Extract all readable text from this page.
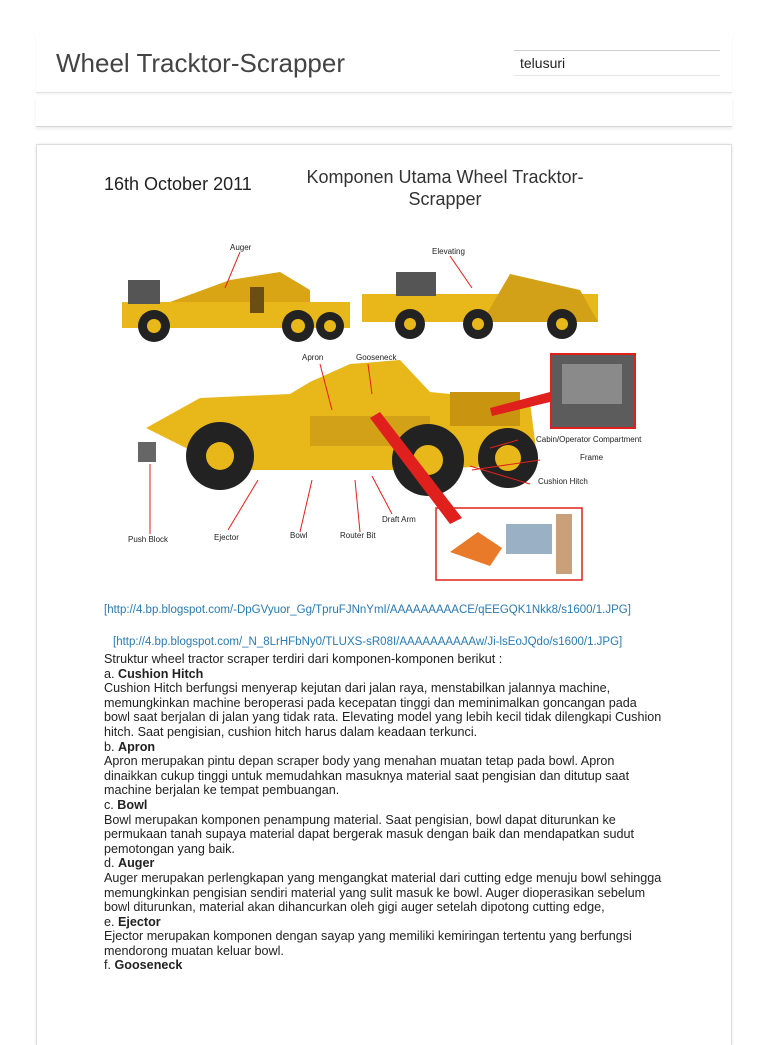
Wheel Tracktor-Scrapper
telusuri
16th October 2011	Komponen Utama Wheel Tracktor-Scrapper
Auger	Elevating
Apron	Gooseneck
Cabin/Operator Compartment
Frame
Cushion Hitch
Draft Arm
Push Block	Ejector	Bowl	Router Bit
[http://4.bp.blogspot.com/-DpGVyuor_Gg/TpruFJNnYmI/AAAAAAAAACE/qEEGQK1Nkk8/s1600/1.JPG]
[http://4.bp.blogspot.com/_N_8LrHFbNy0/TLUXS-sR08I/AAAAAAAAAAw/Ji-lsEoJQdo/s1600/1.JPG]

Struktur wheel tractor scraper terdiri dari komponen-komponen berikut :

a. Cushion Hitch

Cushion Hitch berfungsi menyerap kejutan dari jalan raya, menstabilkan jalannya machine, memungkinkan machine beroperasi pada kecepatan tinggi dan meminimalkan goncangan pada bowl saat berjalan di jalan yang tidak rata. Elevating model yang lebih kecil tidak dilengkapi Cushion hitch. Saat pengisian, cushion hitch harus dalam keadaan terkunci.

b. Apron

Apron merupakan pintu depan scraper body yang menahan muatan tetap pada bowl. Apron dinaikkan cukup tinggi untuk memudahkan masuknya material saat pengisian dan ditutup saat machine berjalan ke tempat pembuangan.

c. Bowl

Bowl merupakan komponen penampung material. Saat pengisian, bowl dapat diturunkan ke permukaan tanah supaya material dapat bergerak masuk dengan baik dan mendapatkan sudut pemotongan yang baik.

d. Auger

Auger merupakan perlengkapan yang mengangkat material dari cutting edge menuju bowl sehingga memungkinkan pengisian sendiri material yang sulit masuk ke bowl. Auger dioperasikan sebelum bowl diturunkan, material akan dihancurkan oleh gigi auger setelah dipotong cutting edge,

e. Ejector

Ejector merupakan komponen dengan sayap yang memiliki kemiringan tertentu yang berfungsi mendorong muatan keluar bowl.

f. Gooseneck
